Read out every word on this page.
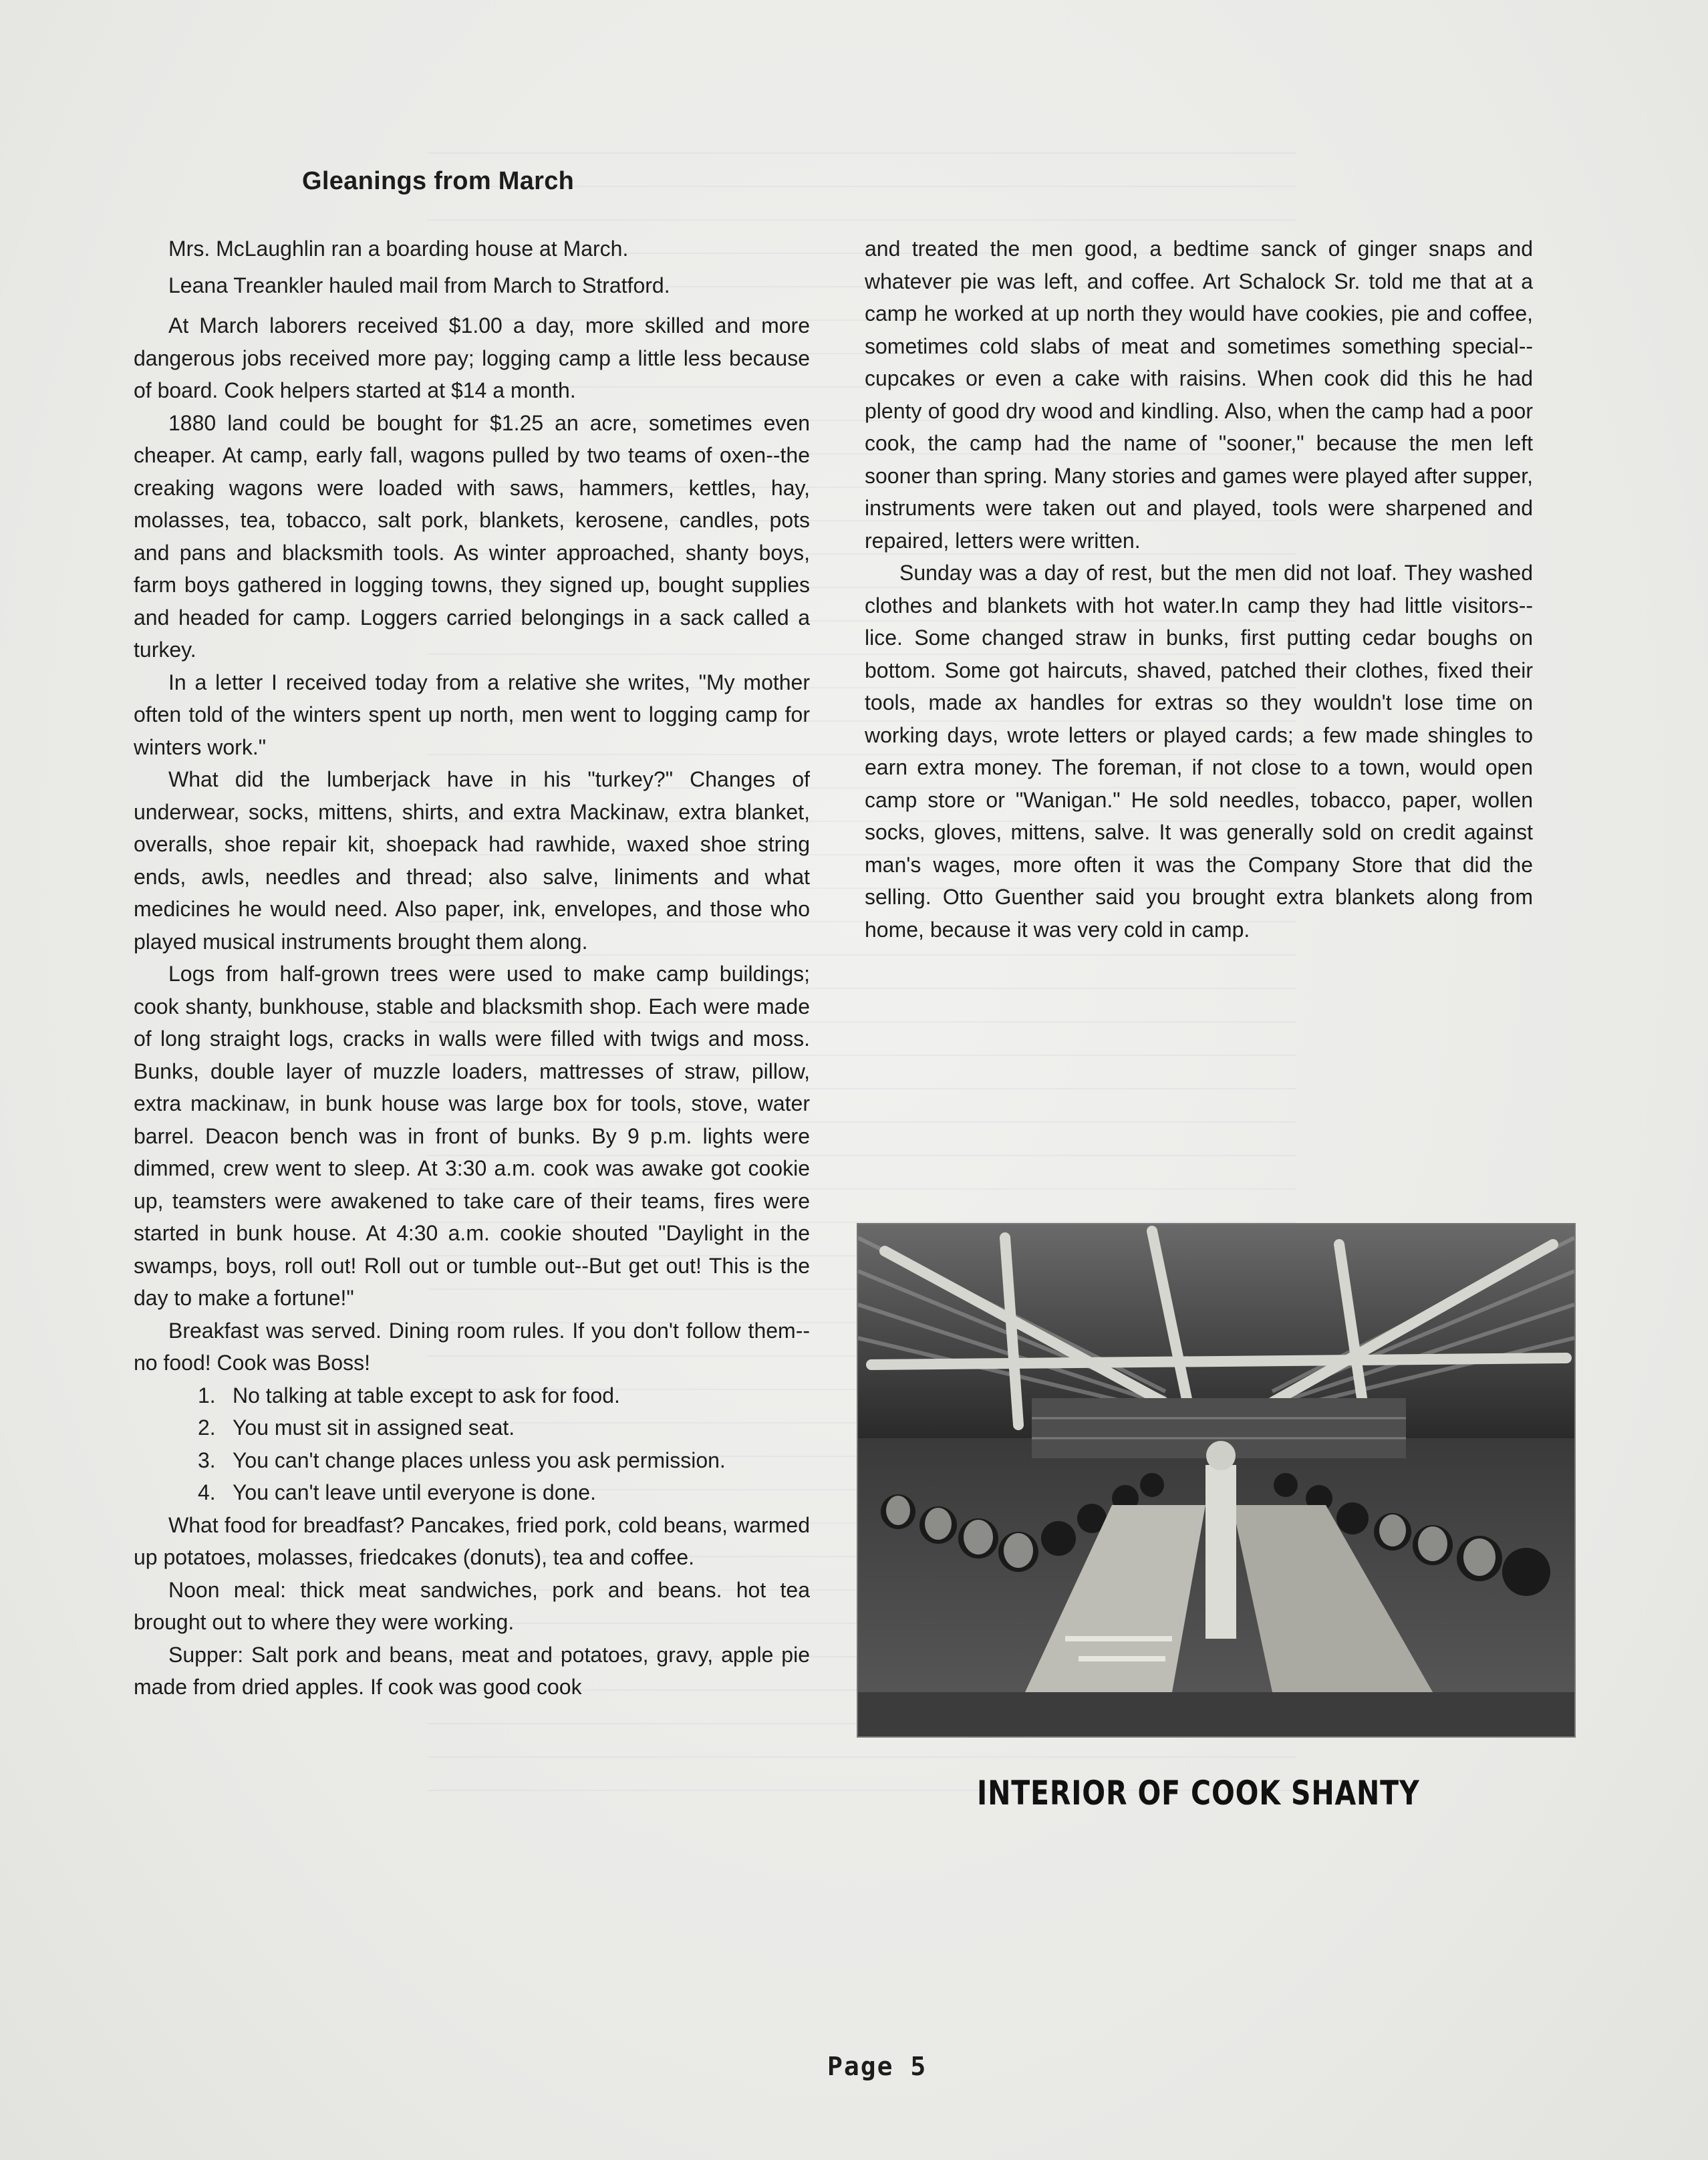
Gleanings from March

Mrs. McLaughlin ran a boarding house at March.

Leana Treankler hauled mail from March to Stratford.

At March laborers received $1.00 a day, more skilled and more dangerous jobs received more pay; logging camp a little less because of board. Cook helpers started at $14 a month.

1880 land could be bought for $1.25 an acre, sometimes even cheaper. At camp, early fall, wagons pulled by two teams of oxen--the creaking wagons were loaded with saws, hammers, kettles, hay, molasses, tea, tobacco, salt pork, blankets, kerosene, candles, pots and pans and blacksmith tools. As winter approached, shanty boys, farm boys gathered in logging towns, they signed up, bought supplies and headed for camp. Loggers carried belongings in a sack called a turkey.

In a letter I received today from a relative she writes, "My mother often told of the winters spent up north, men went to logging camp for winters work."

What did the lumberjack have in his "turkey?" Changes of underwear, socks, mittens, shirts, and extra Mackinaw, extra blanket, overalls, shoe repair kit, shoepack had rawhide, waxed shoe string ends, awls, needles and thread; also salve, liniments and what medicines he would need. Also paper, ink, envelopes, and those who played musical instruments brought them along.

Logs from half-grown trees were used to make camp buildings; cook shanty, bunkhouse, stable and blacksmith shop. Each were made of long straight logs, cracks in walls were filled with twigs and moss. Bunks, double layer of muzzle loaders, mattresses of straw, pillow, extra mackinaw, in bunk house was large box for tools, stove, water barrel. Deacon bench was in front of bunks. By 9 p.m. lights were dimmed, crew went to sleep. At 3:30 a.m. cook was awake got cookie up, teamsters were awakened to take care of their teams, fires were started in bunk house. At 4:30 a.m. cookie shouted "Daylight in the swamps, boys, roll out! Roll out or tumble out--But get out! This is the day to make a fortune!"

Breakfast was served. Dining room rules. If you don't follow them--no food! Cook was Boss!

1. No talking at table except to ask for food.
2. You must sit in assigned seat.
3. You can't change places unless you ask permission.
4. You can't leave until everyone is done.

What food for breadfast? Pancakes, fried pork, cold beans, warmed up potatoes, molasses, friedcakes (donuts), tea and coffee.

Noon meal: thick meat sandwiches, pork and beans. hot tea brought out to where they were working.

Supper: Salt pork and beans, meat and potatoes, gravy, apple pie made from dried apples. If cook was good cook

and treated the men good, a bedtime sanck of ginger snaps and whatever pie was left, and coffee. Art Schalock Sr. told me that at a camp he worked at up north they would have cookies, pie and coffee, sometimes cold slabs of meat and sometimes something special--cupcakes or even a cake with raisins. When cook did this he had plenty of good dry wood and kindling. Also, when the camp had a poor cook, the camp had the name of "sooner," because the men left sooner than spring. Many stories and games were played after supper, instruments were taken out and played, tools were sharpened and repaired, letters were written.

Sunday was a day of rest, but the men did not loaf. They washed clothes and blankets with hot water.In camp they had little visitors--lice. Some changed straw in bunks, first putting cedar boughs on bottom. Some got haircuts, shaved, patched their clothes, fixed their tools, made ax handles for extras so they wouldn't lose time on working days, wrote letters or played cards; a few made shingles to earn extra money. The foreman, if not close to a town, would open camp store or "Wanigan." He sold needles, tobacco, paper, wollen socks, gloves, mittens, salve. It was generally sold on credit against man's wages, more often it was the Company Store that did the selling. Otto Guenther said you brought extra blankets along from home, because it was very cold in camp.

INTERIOR OF COOK SHANTY
Page 5
